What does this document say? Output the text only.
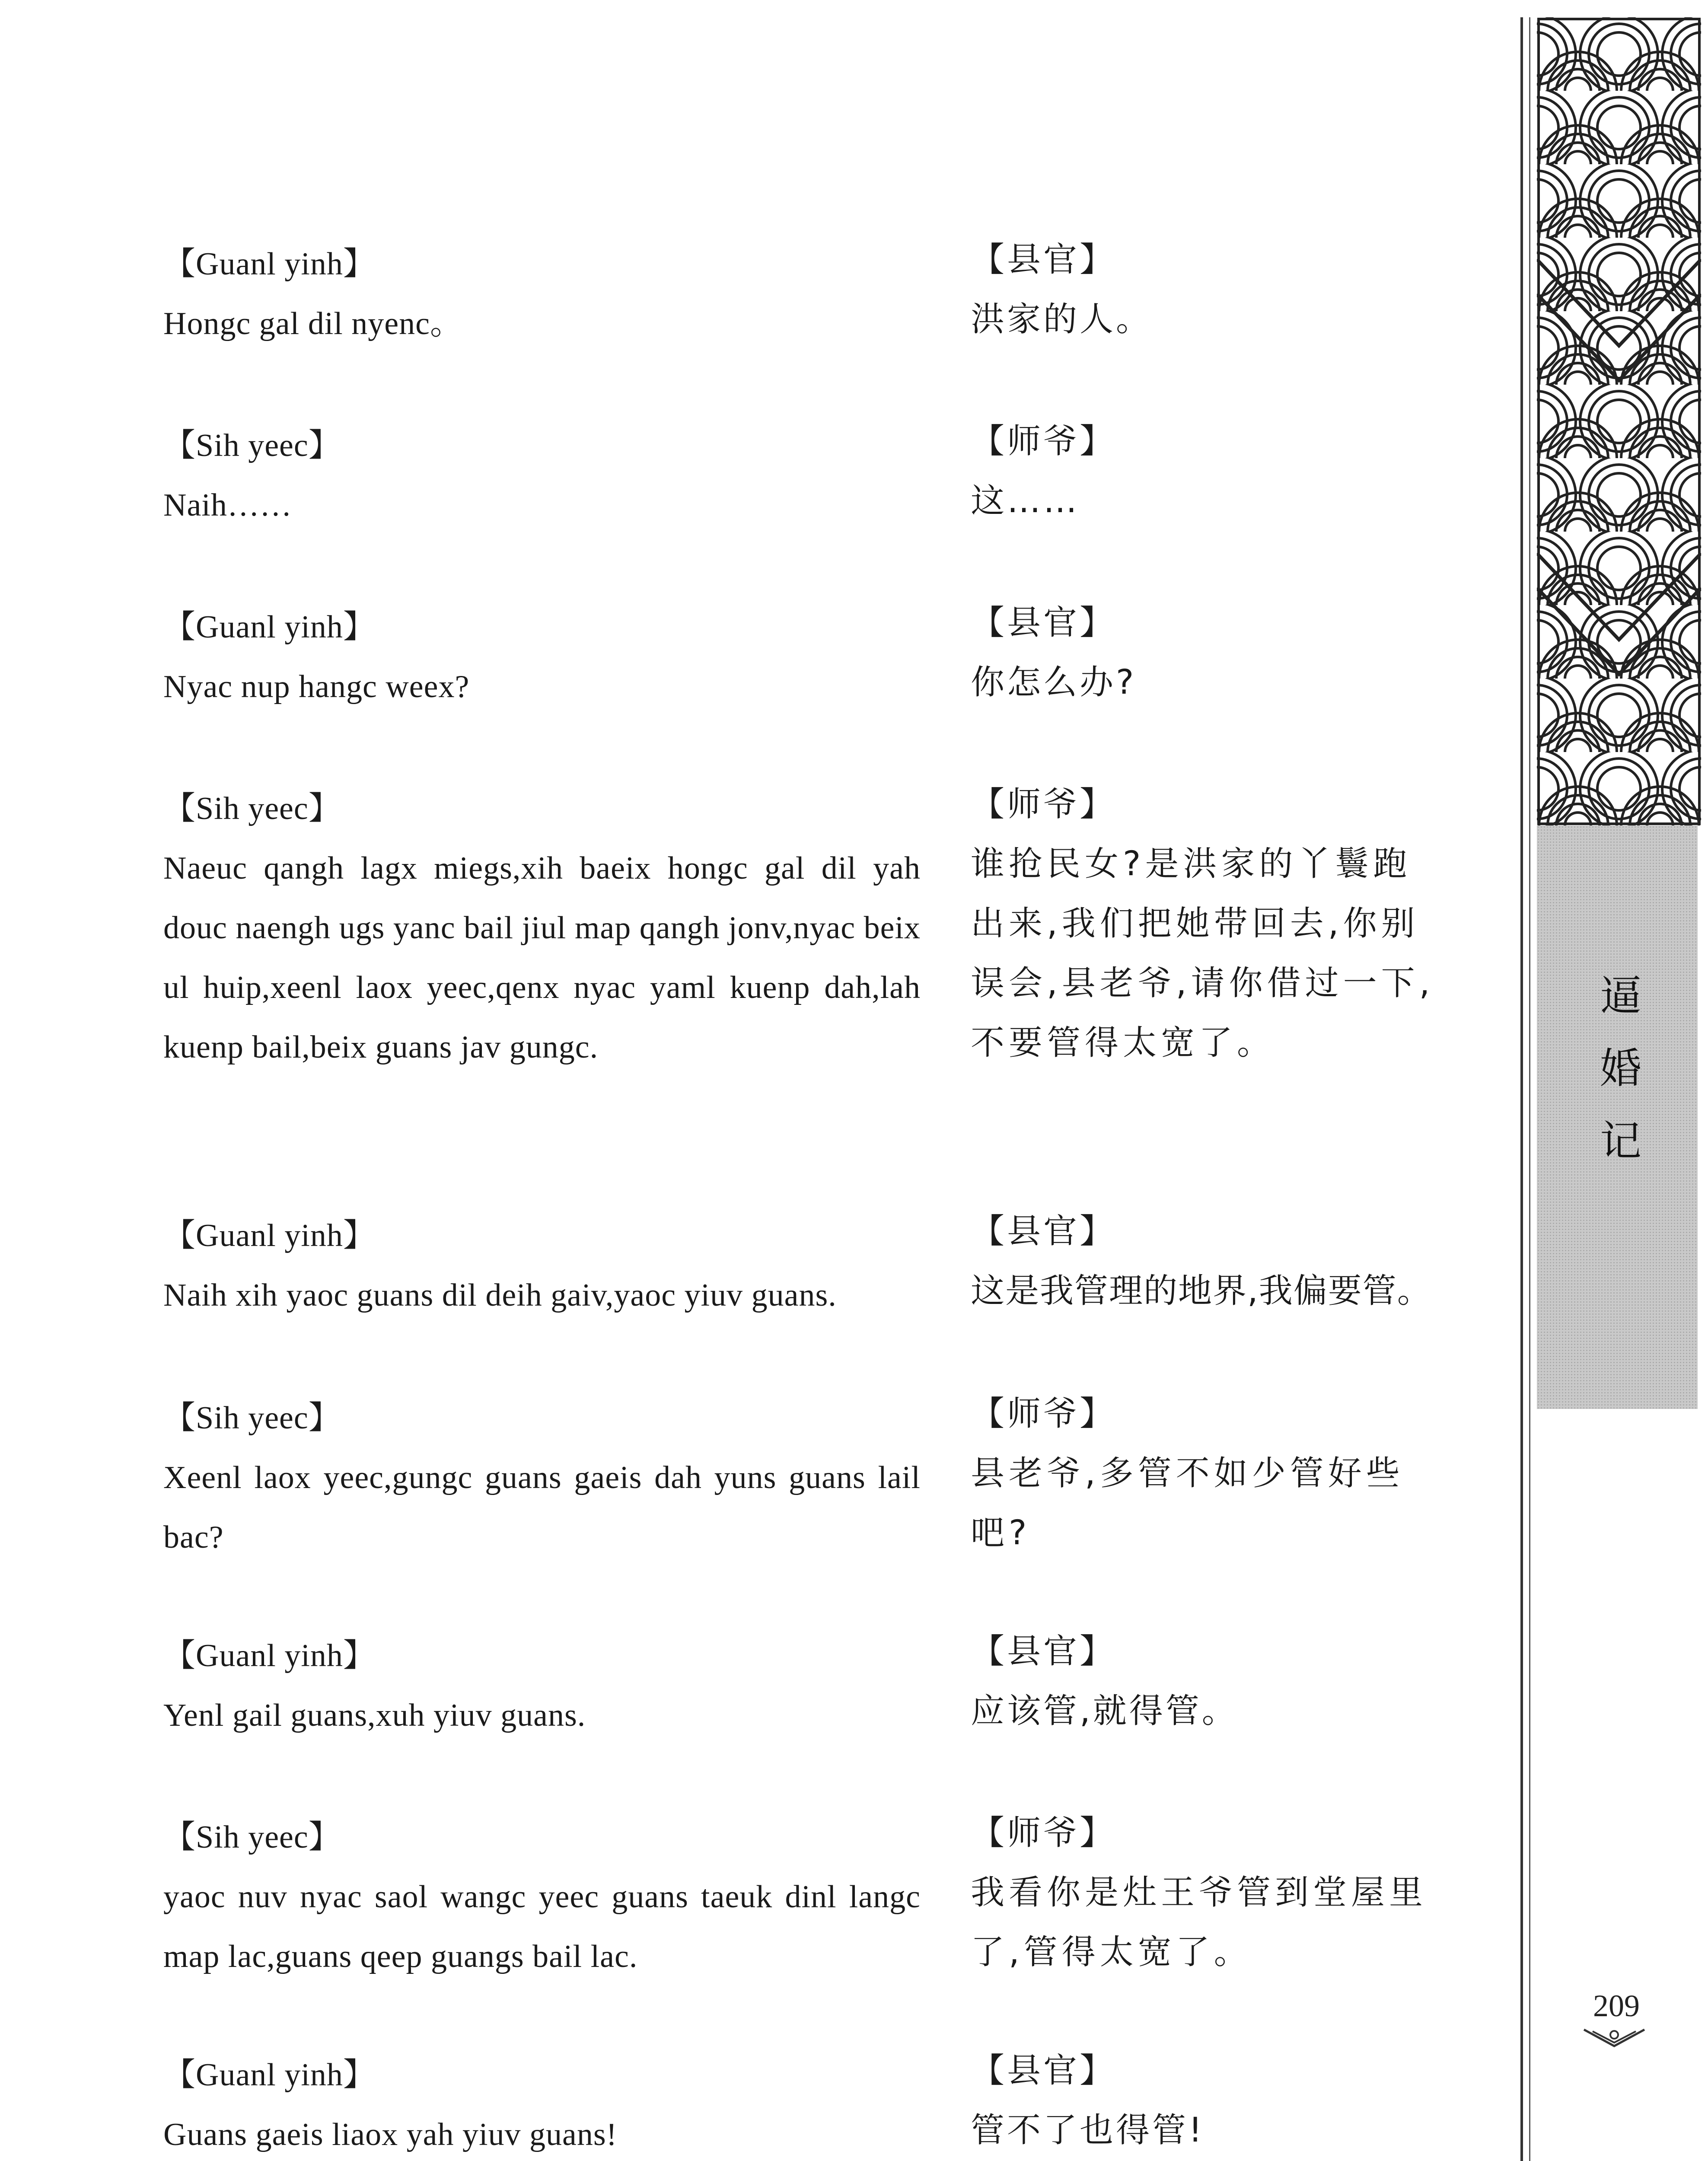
【Guanl yinh】
Hongc gal dil nyenc。
【县官】
洪家的人。
【Sih yeec】
Naih……
【师爷】
这……
【Guanl yinh】
Nyac nup hangc weex?
【县官】
你怎么办?
【Sih yeec】
Naeuc qangh lagx miegs,xih baeix hongc gal dil yah douc naengh ugs yanc bail jiul map qangh jonv,nyac beix ul huip,xeenl laox yeec,qenx nyac yaml kuenp dah,lah kuenp bail,beix guans jav gungc.
【师爷】
谁抢民女?是洪家的丫鬟跑出来,我们把她带回去,你别误会,县老爷,请你借过一下,不要管得太宽了。
【Guanl yinh】
Naih xih yaoc guans dil deih gaiv,yaoc yiuv guans.
【县官】
这是我管理的地界,我偏要管。
【Sih yeec】
Xeenl laox yeec,gungc guans gaeis dah yuns guans lail bac?
【师爷】
县老爷,多管不如少管好些吧?
【Guanl yinh】
Yenl gail guans,xuh yiuv guans.
【县官】
应该管,就得管。
【Sih yeec】
yaoc nuv nyac saol wangc yeec guans taeuk dinl langc map lac,guans qeep guangs bail lac.
【师爷】
我看你是灶王爷管到堂屋里了,管得太宽了。
【Guanl yinh】
Guans gaeis liaox yah yiuv guans!
【县官】
管不了也得管!
逼
婚
记
209
